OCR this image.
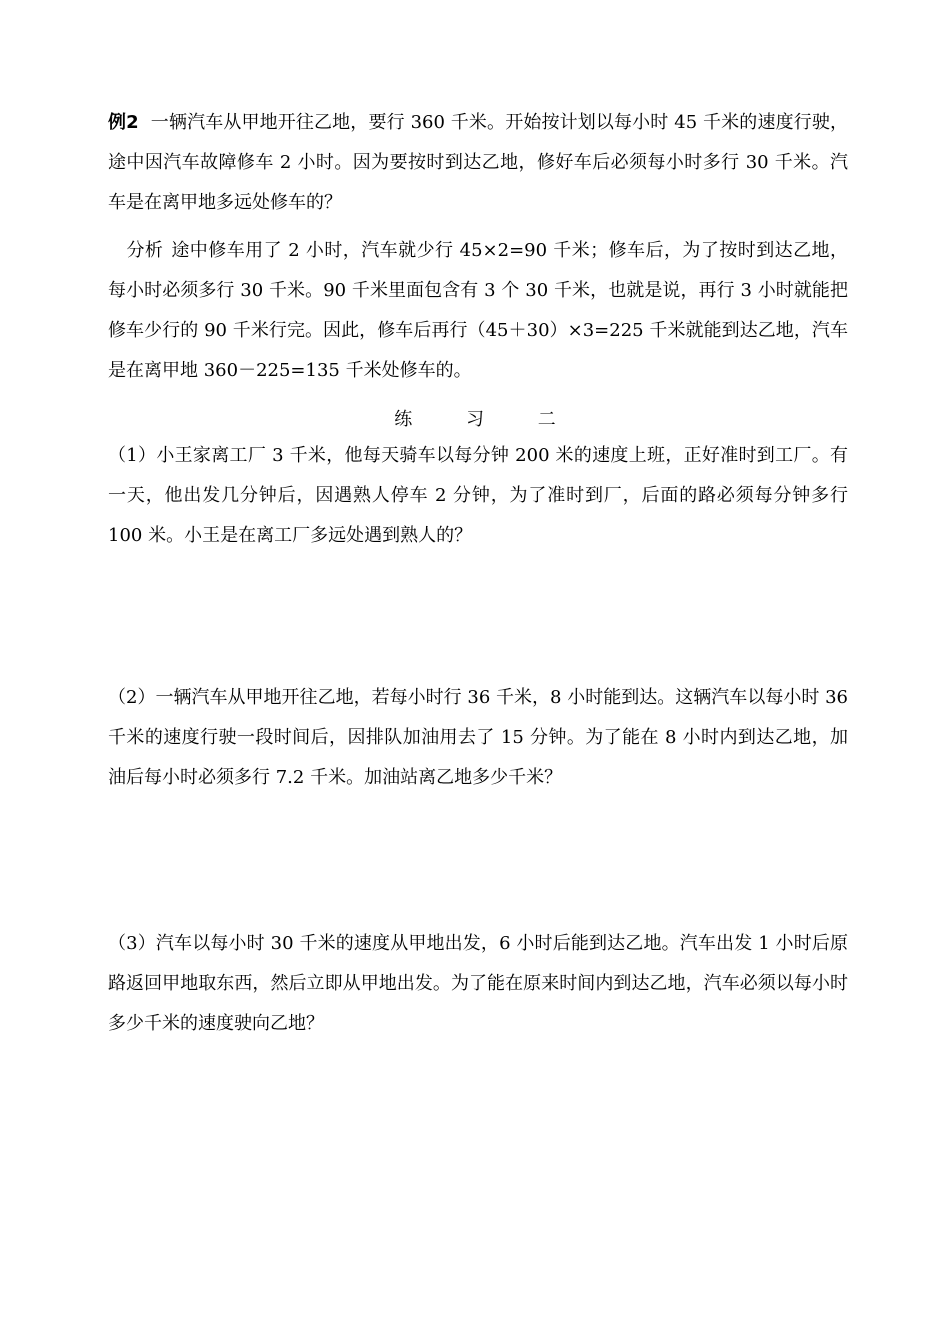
例2 一辆汽车从甲地开往乙地，要行 360 千米。开始按计划以每小时 45 千米的速度行驶，途中因汽车故障修车 2 小时。因为要按时到达乙地，修好车后必须每小时多行 30 千米。汽车是在离甲地多远处修车的？
分析 途中修车用了 2 小时，汽车就少行 45×2=90 千米；修车后，为了按时到达乙地，每小时必须多行 30 千米。90 千米里面包含有 3 个 30 千米，也就是说，再行 3 小时就能把修车少行的 90 千米行完。因此，修车后再行（45＋30）×3=225 千米就能到达乙地，汽车是在离甲地 360－225=135 千米处修车的。
练 习 二
（1）小王家离工厂 3 千米，他每天骑车以每分钟 200 米的速度上班，正好准时到工厂。有一天，他出发几分钟后，因遇熟人停车 2 分钟，为了准时到厂，后面的路必须每分钟多行 100 米。小王是在离工厂多远处遇到熟人的？
（2）一辆汽车从甲地开往乙地，若每小时行 36 千米，8 小时能到达。这辆汽车以每小时 36 千米的速度行驶一段时间后，因排队加油用去了 15 分钟。为了能在 8 小时内到达乙地，加油后每小时必须多行 7.2 千米。加油站离乙地多少千米？
（3）汽车以每小时 30 千米的速度从甲地出发，6 小时后能到达乙地。汽车出发 1 小时后原路返回甲地取东西，然后立即从甲地出发。为了能在原来时间内到达乙地，汽车必须以每小时多少千米的速度驶向乙地？
